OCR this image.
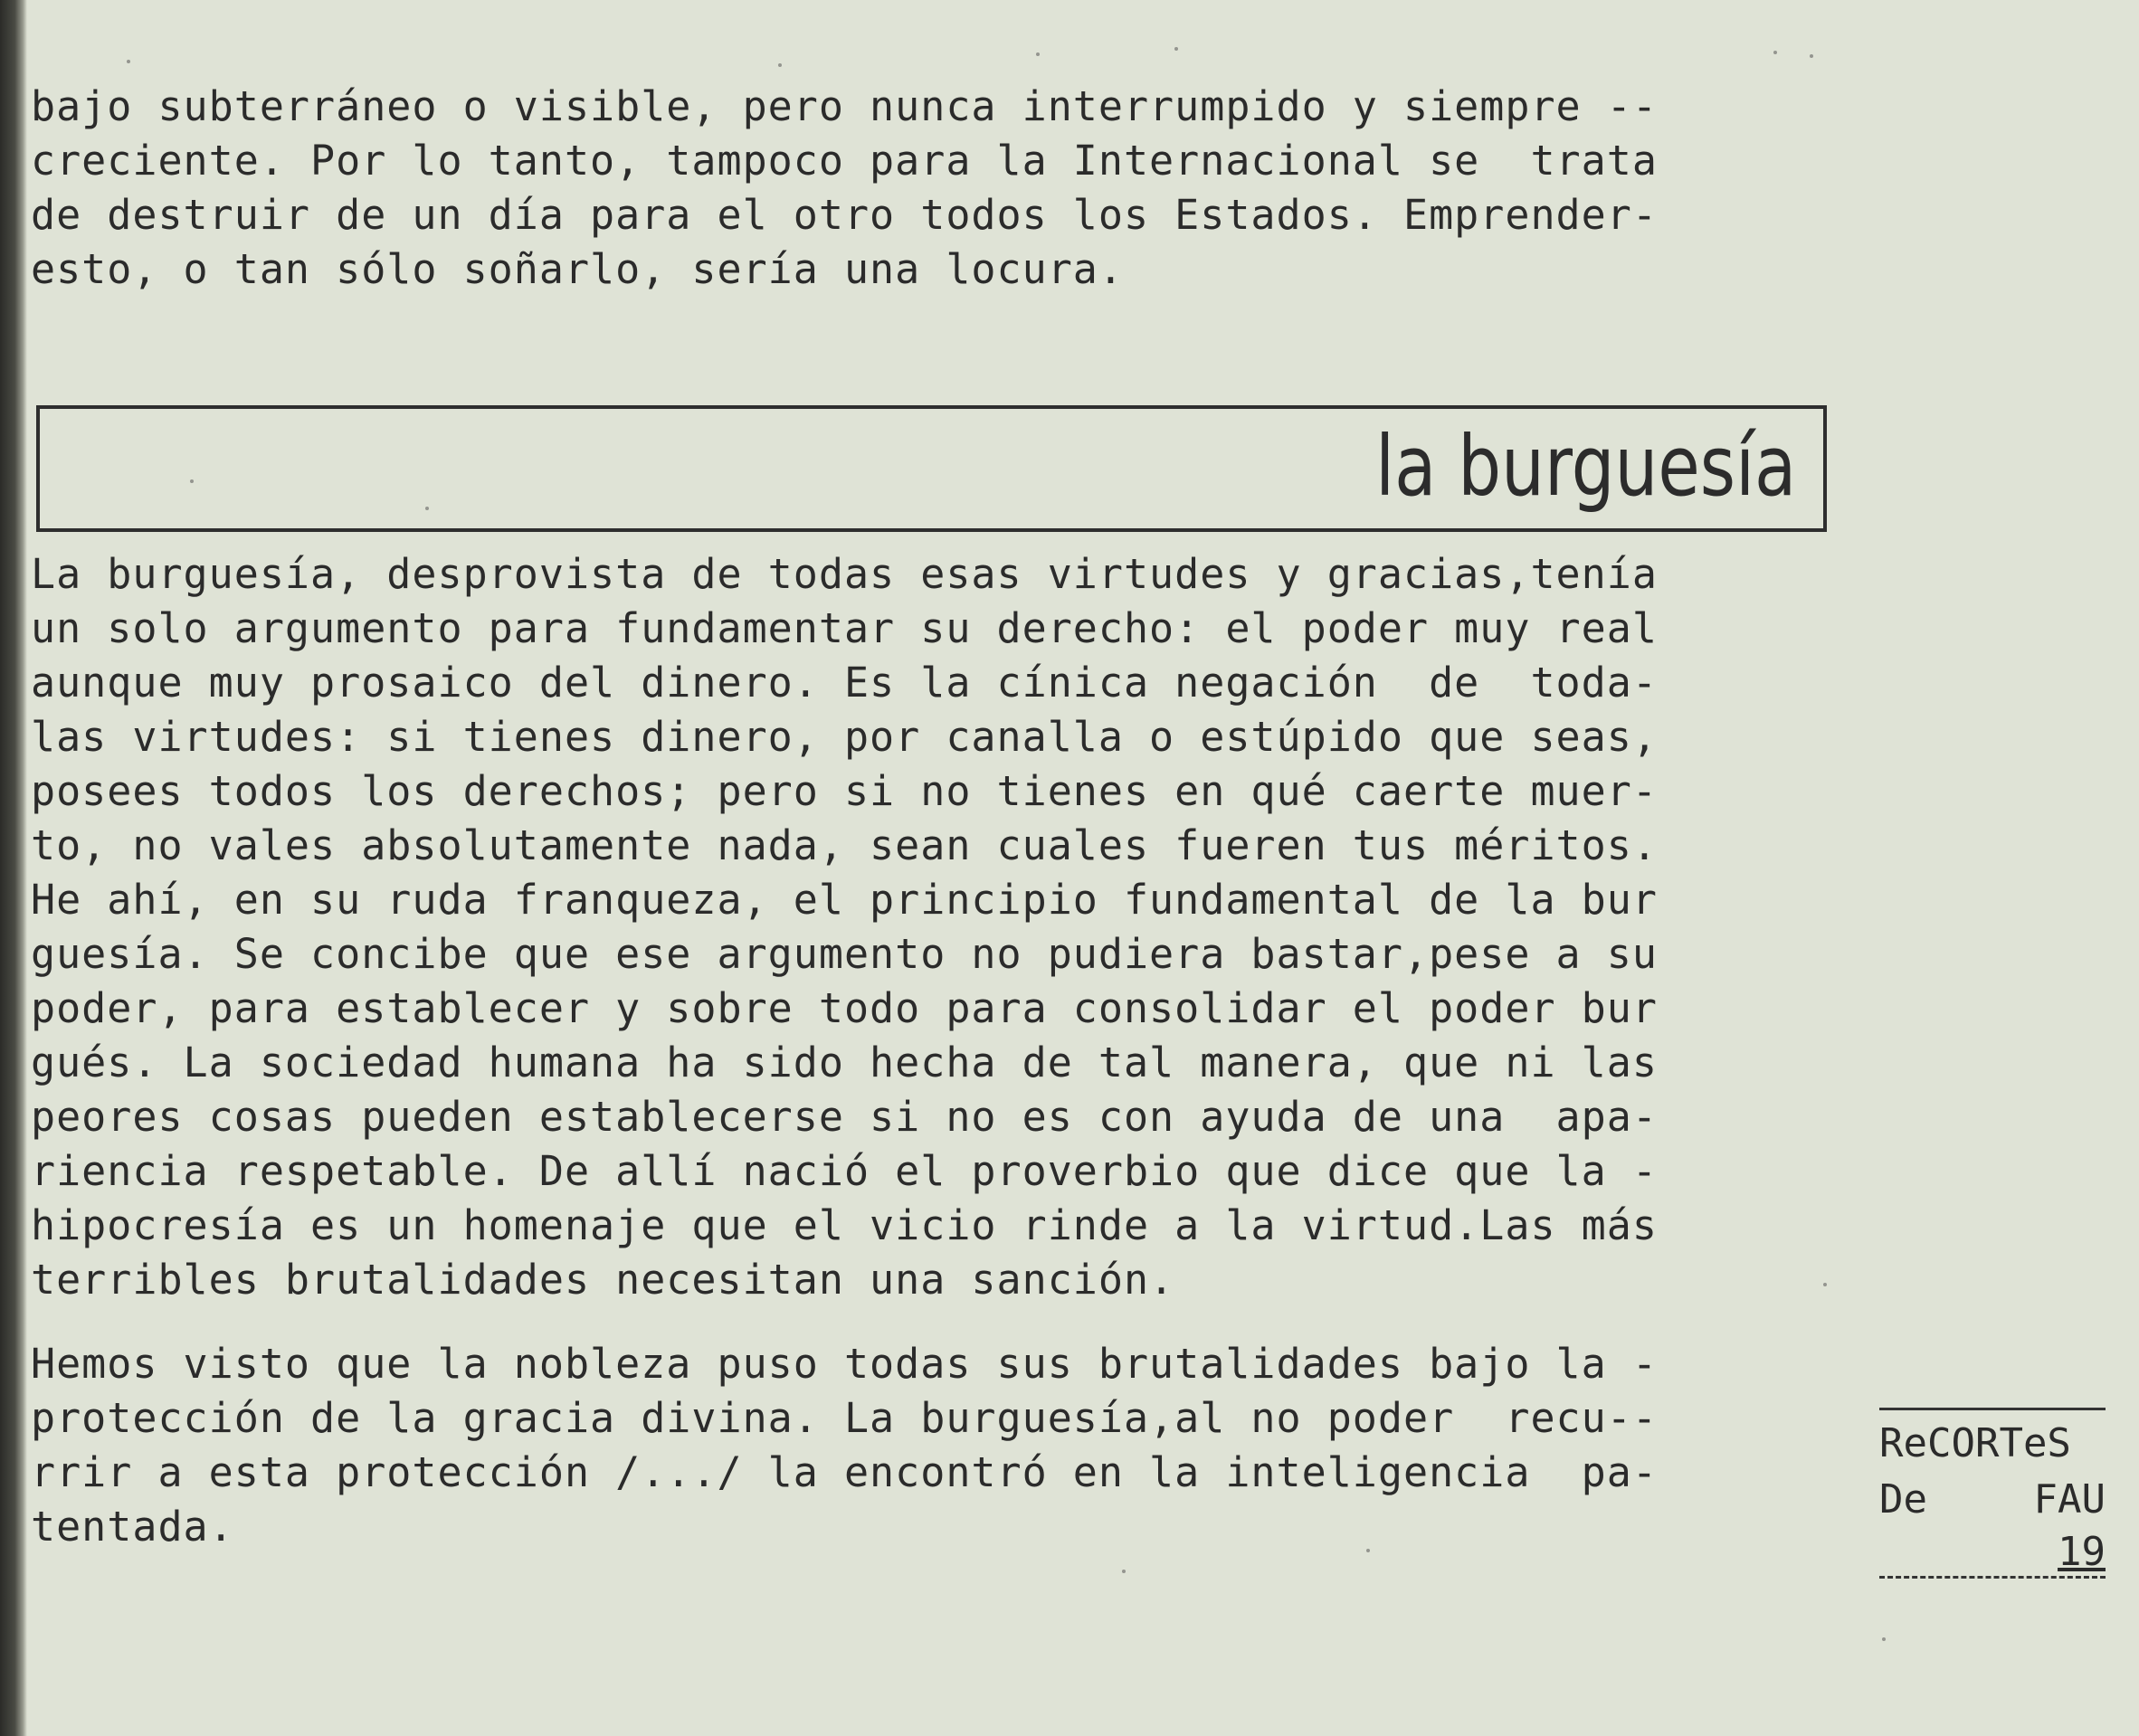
bajo subterráneo o visible, pero nunca interrumpido y siempre --
creciente. Por lo tanto, tampoco para la Internacional se  trata
de destruir de un día para el otro todos los Estados. Emprender-
esto, o tan sólo soñarlo, sería una locura.
la burguesía
La burguesía, desprovista de todas esas virtudes y gracias,tenía
un solo argumento para fundamentar su derecho: el poder muy real
aunque muy prosaico del dinero. Es la cínica negación  de  toda-
las virtudes: si tienes dinero, por canalla o estúpido que seas,
posees todos los derechos; pero si no tienes en qué caerte muer-
to, no vales absolutamente nada, sean cuales fueren tus méritos.
He ahí, en su ruda franqueza, el principio fundamental de la bur
guesía. Se concibe que ese argumento no pudiera bastar,pese a su
poder, para establecer y sobre todo para consolidar el poder bur
gués. La sociedad humana ha sido hecha de tal manera, que ni las
peores cosas pueden establecerse si no es con ayuda de una  apa-
riencia respetable. De allí nació el proverbio que dice que la -
hipocresía es un homenaje que el vicio rinde a la virtud.Las más
terribles brutalidades necesitan una sanción.
Hemos visto que la nobleza puso todas sus brutalidades bajo la -
protección de la gracia divina. La burguesía,al no poder  recu--
rrir a esta protección /.../ la encontró en la inteligencia  pa-
tentada.
ReCORTeS
De	FAU
19
